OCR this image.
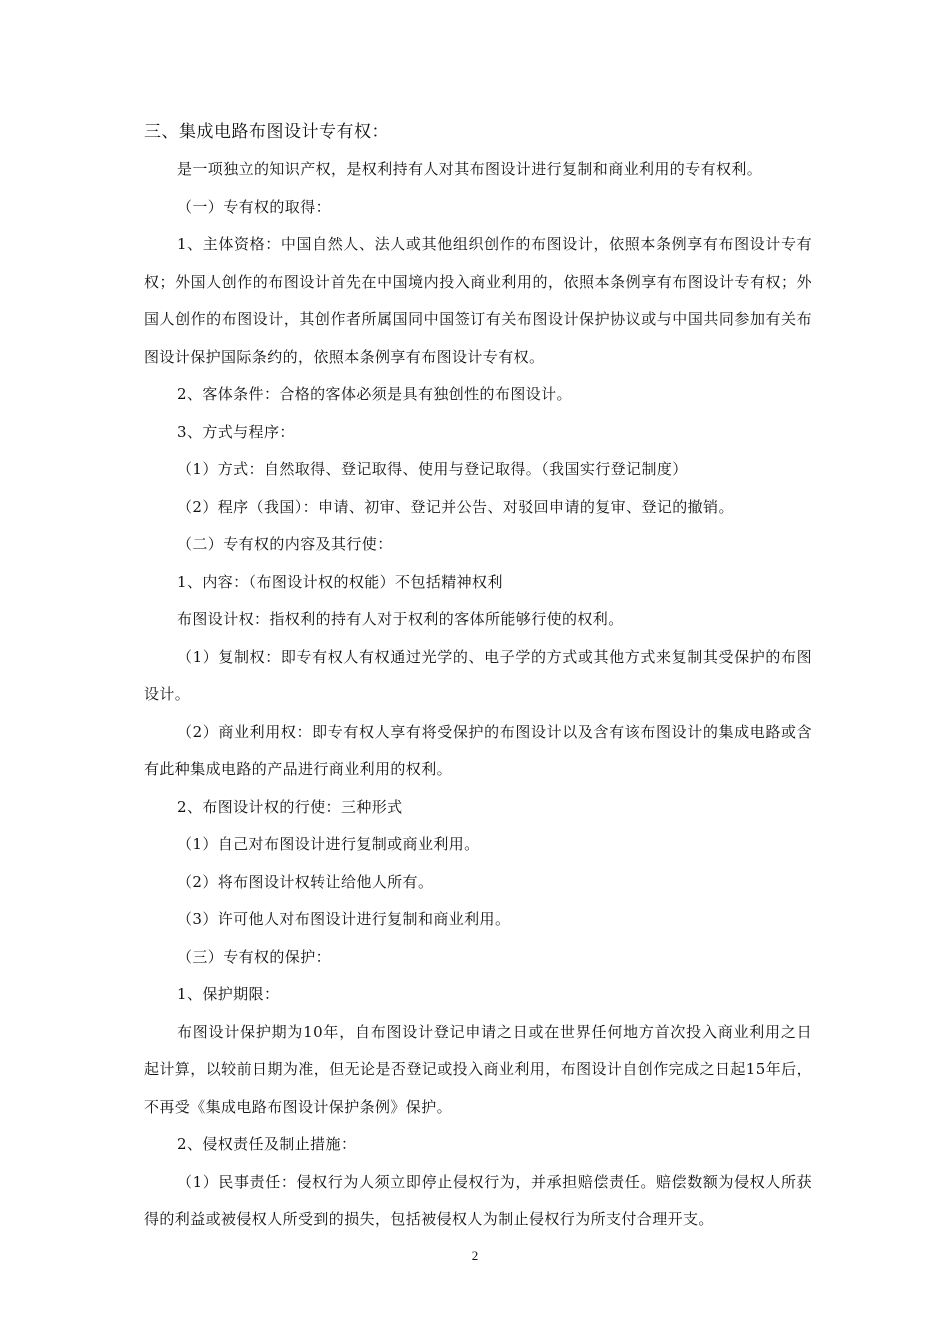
三、集成电路布图设计专有权：

是一项独立的知识产权，是权利持有人对其布图设计进行复制和商业利用的专有权利。

（一）专有权的取得：

1、主体资格：中国自然人、法人或其他组织创作的布图设计，依照本条例享有布图设计专有权；外国人创作的布图设计首先在中国境内投入商业利用的，依照本条例享有布图设计专有权；外国人创作的布图设计，其创作者所属国同中国签订有关布图设计保护协议或与中国共同参加有关布图设计保护国际条约的，依照本条例享有布图设计专有权。

2、客体条件：合格的客体必须是具有独创性的布图设计。

3、方式与程序：

（1）方式：自然取得、登记取得、使用与登记取得。（我国实行登记制度）

（2）程序（我国）：申请、初审、登记并公告、对驳回申请的复审、登记的撤销。

（二）专有权的内容及其行使：

1、内容：（布图设计权的权能）不包括精神权利

布图设计权：指权利的持有人对于权利的客体所能够行使的权利。

（1）复制权：即专有权人有权通过光学的、电子学的方式或其他方式来复制其受保护的布图设计。

（2）商业利用权：即专有权人享有将受保护的布图设计以及含有该布图设计的集成电路或含有此种集成电路的产品进行商业利用的权利。

2、布图设计权的行使：三种形式

（1）自己对布图设计进行复制或商业利用。

（2）将布图设计权转让给他人所有。

（3）许可他人对布图设计进行复制和商业利用。

（三）专有权的保护：

1、保护期限：

布图设计保护期为10年，自布图设计登记申请之日或在世界任何地方首次投入商业利用之日起计算，以较前日期为准，但无论是否登记或投入商业利用，布图设计自创作完成之日起15年后，不再受《集成电路布图设计保护条例》保护。

2、侵权责任及制止措施：

（1）民事责任：侵权行为人须立即停止侵权行为，并承担赔偿责任。赔偿数额为侵权人所获得的利益或被侵权人所受到的损失，包括被侵权人为制止侵权行为所支付合理开支。

2
